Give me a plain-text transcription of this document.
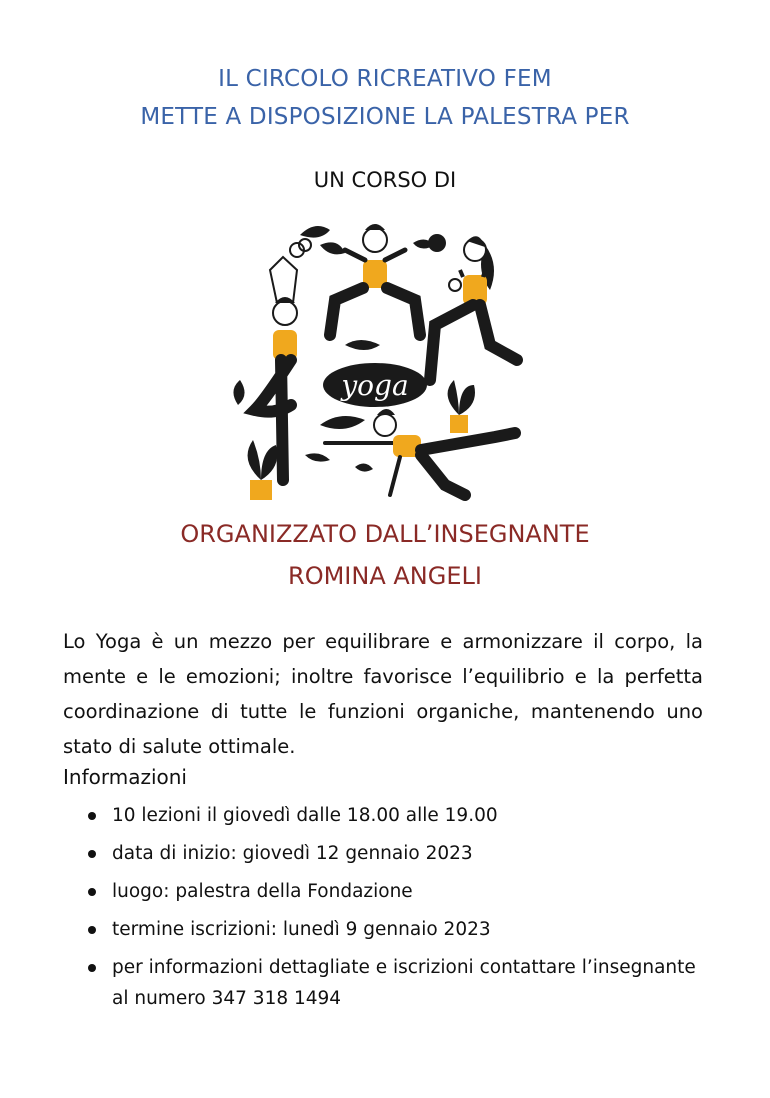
IL CIRCOLO RICREATIVO FEM
METTE A DISPOSIZIONE LA PALESTRA PER
UN CORSO DI
yoga
ORGANIZZATO DALL’INSEGNANTE
ROMINA ANGELI
Lo Yoga è un mezzo per equilibrare e armonizzare il corpo, la mente e le emozioni; inoltre favorisce l’equilibrio e la perfetta coordinazione di tutte le funzioni organiche, mantenendo uno stato di salute ottimale.
Informazioni
10 lezioni il giovedì dalle 18.00 alle 19.00
data di inizio: giovedì 12 gennaio 2023
luogo: palestra della Fondazione
termine iscrizioni: lunedì 9 gennaio 2023
per informazioni dettagliate e iscrizioni contattare l’insegnante al numero 347 318 1494
